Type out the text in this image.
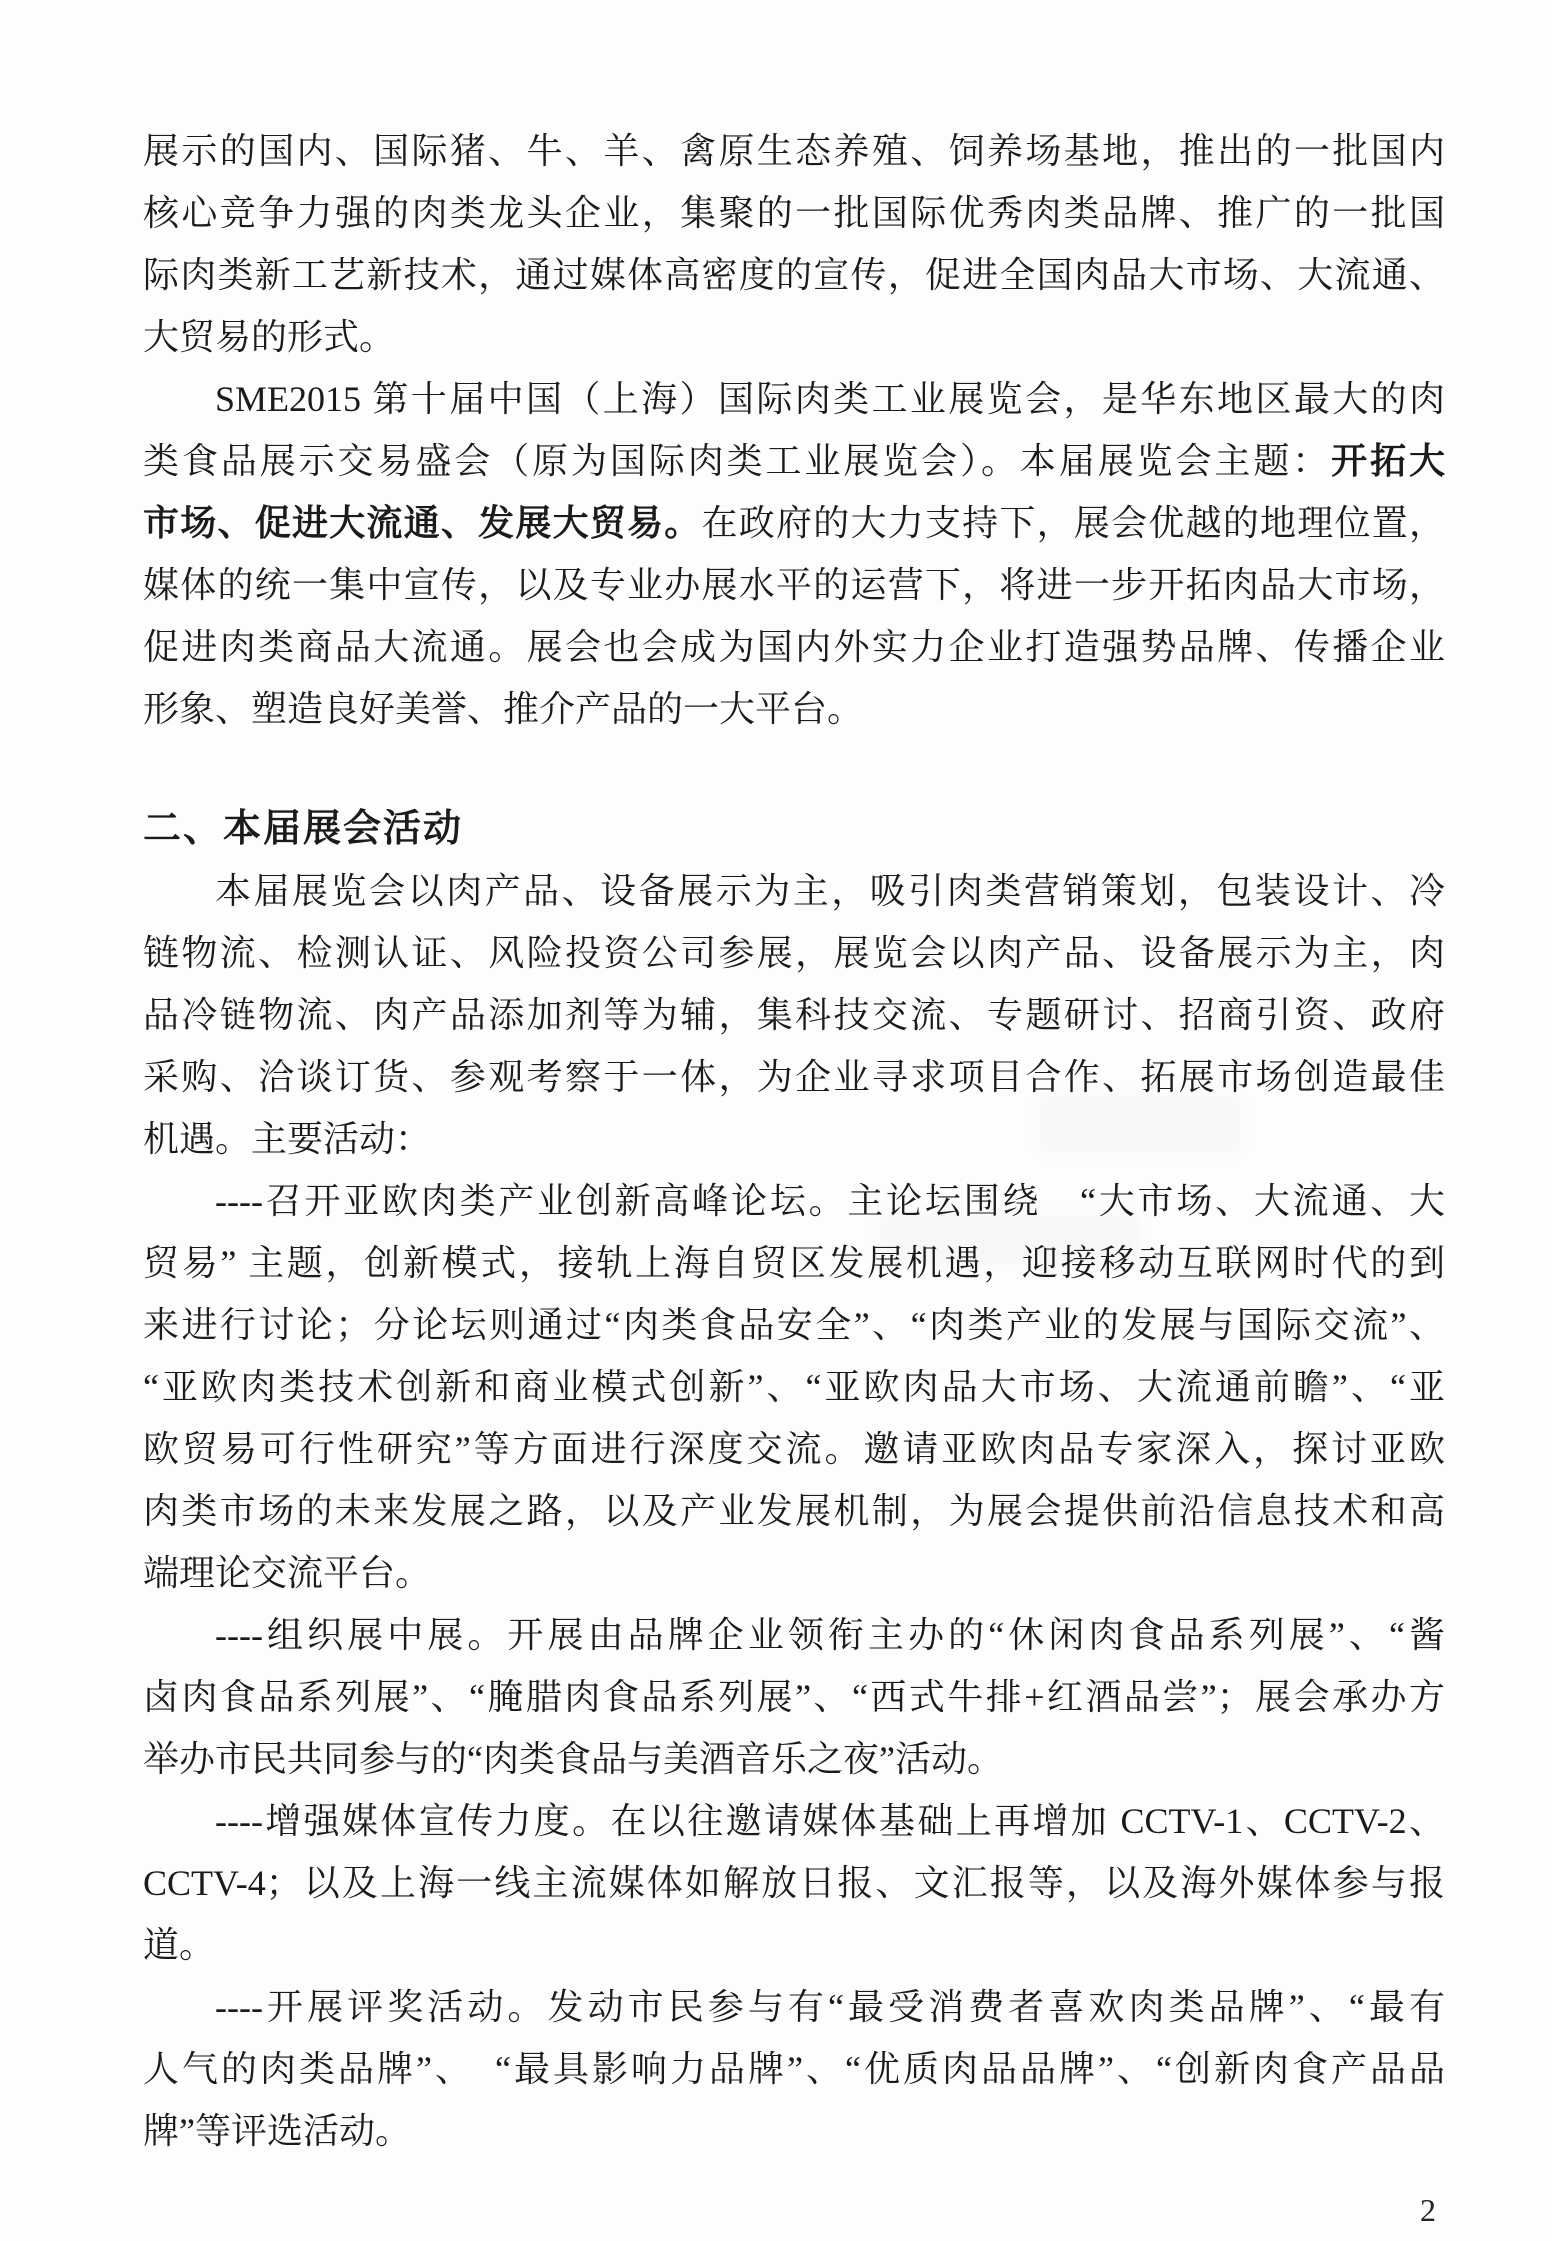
展示的国内、国际猪、牛、羊、禽原生态养殖、饲养场基地，推出的一批国内
核心竞争力强的肉类龙头企业，集聚的一批国际优秀肉类品牌、推广的一批国
际肉类新工艺新技术，通过媒体高密度的宣传，促进全国肉品大市场、大流通、
大贸易的形式。
SME2015 第十届中国（上海）国际肉类工业展览会，是华东地区最大的肉
类食品展示交易盛会（原为国际肉类工业展览会）。本届展览会主题：开拓大
市场、促进大流通、发展大贸易。在政府的大力支持下，展会优越的地理位置，
媒体的统一集中宣传，以及专业办展水平的运营下，将进一步开拓肉品大市场，
促进肉类商品大流通。展会也会成为国内外实力企业打造强势品牌、传播企业
形象、塑造良好美誉、推介产品的一大平台。
二、本届展会活动
本届展览会以肉产品、设备展示为主，吸引肉类营销策划，包装设计、冷
链物流、检测认证、风险投资公司参展，展览会以肉产品、设备展示为主，肉
品冷链物流、肉产品添加剂等为辅，集科技交流、专题研讨、招商引资、政府
采购、洽谈订货、参观考察于一体，为企业寻求项目合作、拓展市场创造最佳
机遇。主要活动：
----召开亚欧肉类产业创新高峰论坛。主论坛围绕　“大市场、大流通、大
贸易” 主题，创新模式，接轨上海自贸区发展机遇，迎接移动互联网时代的到
来进行讨论；分论坛则通过“肉类食品安全”、“肉类产业的发展与国际交流”、
“亚欧肉类技术创新和商业模式创新”、“亚欧肉品大市场、大流通前瞻”、“亚
欧贸易可行性研究”等方面进行深度交流。邀请亚欧肉品专家深入，探讨亚欧
肉类市场的未来发展之路，以及产业发展机制，为展会提供前沿信息技术和高
端理论交流平台。
----组织展中展。开展由品牌企业领衔主办的“休闲肉食品系列展”、“酱
卤肉食品系列展”、“腌腊肉食品系列展”、“西式牛排+红酒品尝”；展会承办方
举办市民共同参与的“肉类食品与美酒音乐之夜”活动。
----增强媒体宣传力度。在以往邀请媒体基础上再增加 CCTV-1、CCTV-2、
CCTV-4；以及上海一线主流媒体如解放日报、文汇报等，以及海外媒体参与报
道。
----开展评奖活动。发动市民参与有“最受消费者喜欢肉类品牌”、“最有
人气的肉类品牌”、　“最具影响力品牌”、“优质肉品品牌”、“创新肉食产品品
牌”等评选活动。
2
